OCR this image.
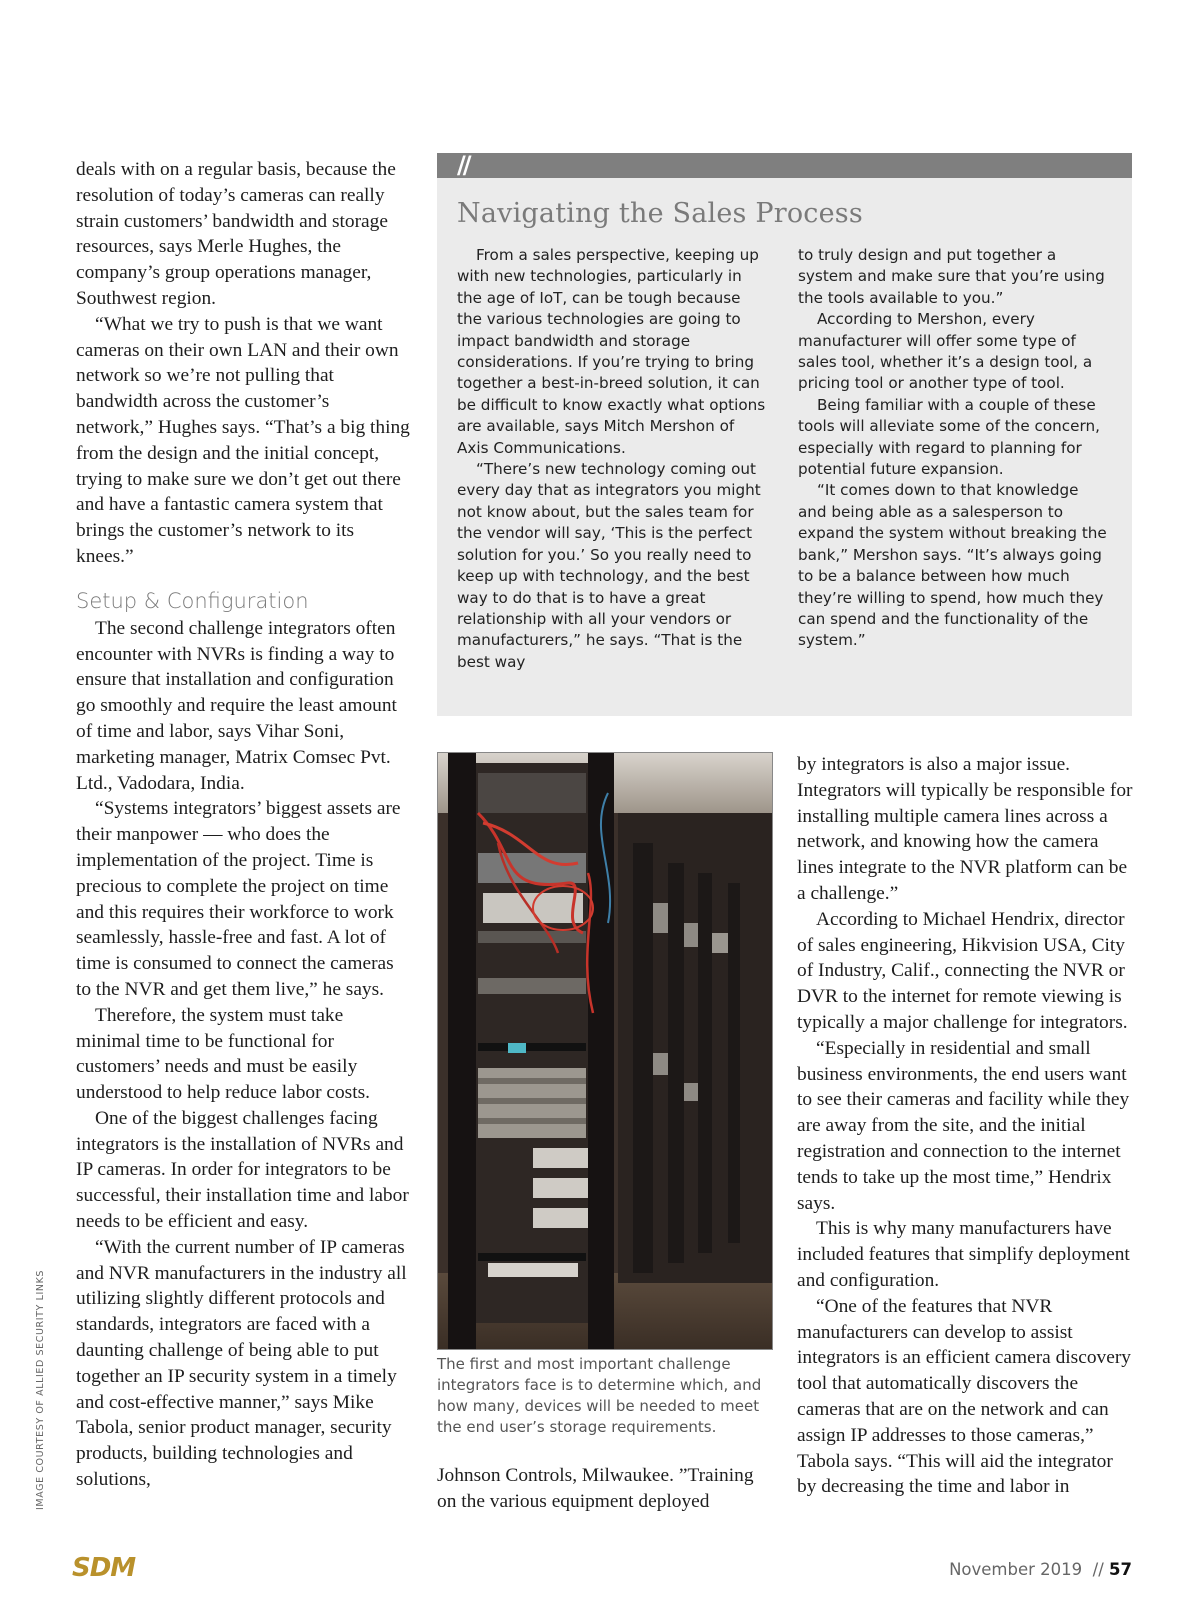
deals with on a regular basis, because the resolution of today’s cameras can really strain customers’ bandwidth and storage resources, says Merle Hughes, the company’s group operations manager, Southwest region.

“What we try to push is that we want cameras on their own LAN and their own network so we’re not pulling that bandwidth across the customer’s network,” Hughes says. “That’s a big thing from the design and the initial concept, trying to make sure we don’t get out there and have a fantastic camera system that brings the customer’s network to its knees.”

Setup & Configuration

The second challenge integrators often encounter with NVRs is finding a way to ensure that installation and configuration go smoothly and require the least amount of time and labor, says Vihar Soni, marketing manager, Matrix Comsec Pvt. Ltd., Vadodara, India.

“Systems integrators’ biggest assets are their manpower — who does the implementation of the project. Time is precious to complete the project on time and this requires their workforce to work seamlessly, hassle-free and fast. A lot of time is consumed to connect the cameras to the NVR and get them live,” he says.

Therefore, the system must take minimal time to be functional for customers’ needs and must be easily understood to help reduce labor costs.

One of the biggest challenges facing integrators is the installation of NVRs and IP cameras. In order for integrators to be successful, their installation time and labor needs to be efficient and easy.

“With the current number of IP cameras and NVR manufacturers in the industry all utilizing slightly different protocols and standards, integrators are faced with a daunting challenge of being able to put together an IP security system in a timely and cost-effective manner,” says Mike Tabola, senior product manager, security products, building technologies and solutions,

//
Navigating the Sales Process

From a sales perspective, keeping up with new technologies, particularly in the age of IoT, can be tough because the various technologies are going to impact bandwidth and storage considerations. If you’re trying to bring together a best-in-breed solution, it can be difficult to know exactly what options are available, says Mitch Mershon of Axis Communications.

“There’s new technology coming out every day that as integrators you might not know about, but the sales team for the vendor will say, ‘This is the perfect solution for you.’ So you really need to keep up with technology, and the best way to do that is to have a great relationship with all your vendors or manufacturers,” he says. “That is the best way

to truly design and put together a system and make sure that you’re using the tools available to you.”

According to Mershon, every manufacturer will offer some type of sales tool, whether it’s a design tool, a pricing tool or another type of tool.

Being familiar with a couple of these tools will alleviate some of the concern, especially with regard to planning for potential future expansion.

“It comes down to that knowledge and being able as a salesperson to expand the system without breaking the bank,” Mershon says. “It’s always going to be a balance between how much they’re willing to spend, how much they can spend and the functionality of the system.”

The first and most important challenge integrators face is to determine which, and how many, devices will be needed to meet the end user’s storage requirements.

Johnson Controls, Milwaukee. ”Training on the various equipment deployed

by integrators is also a major issue. Integrators will typically be responsible for installing multiple camera lines across a network, and knowing how the camera lines integrate to the NVR platform can be a challenge.”

According to Michael Hendrix, director of sales engineering, Hikvision USA, City of Industry, Calif., connecting the NVR or DVR to the internet for remote viewing is typically a major challenge for integrators.

“Especially in residential and small business environments, the end users want to see their cameras and facility while they are away from the site, and the initial registration and connection to the internet tends to take up the most time,” Hendrix says.

This is why many manufacturers have included features that simplify deployment and configuration.

“One of the features that NVR manufacturers can develop to assist integrators is an efficient camera discovery tool that automatically discovers the cameras that are on the network and can assign IP addresses to those cameras,” Tabola says. “This will aid the integrator by decreasing the time and labor in

IMAGE COURTESY OF ALLIED SECURITY LINKS
SDM	November 2019 // 57
